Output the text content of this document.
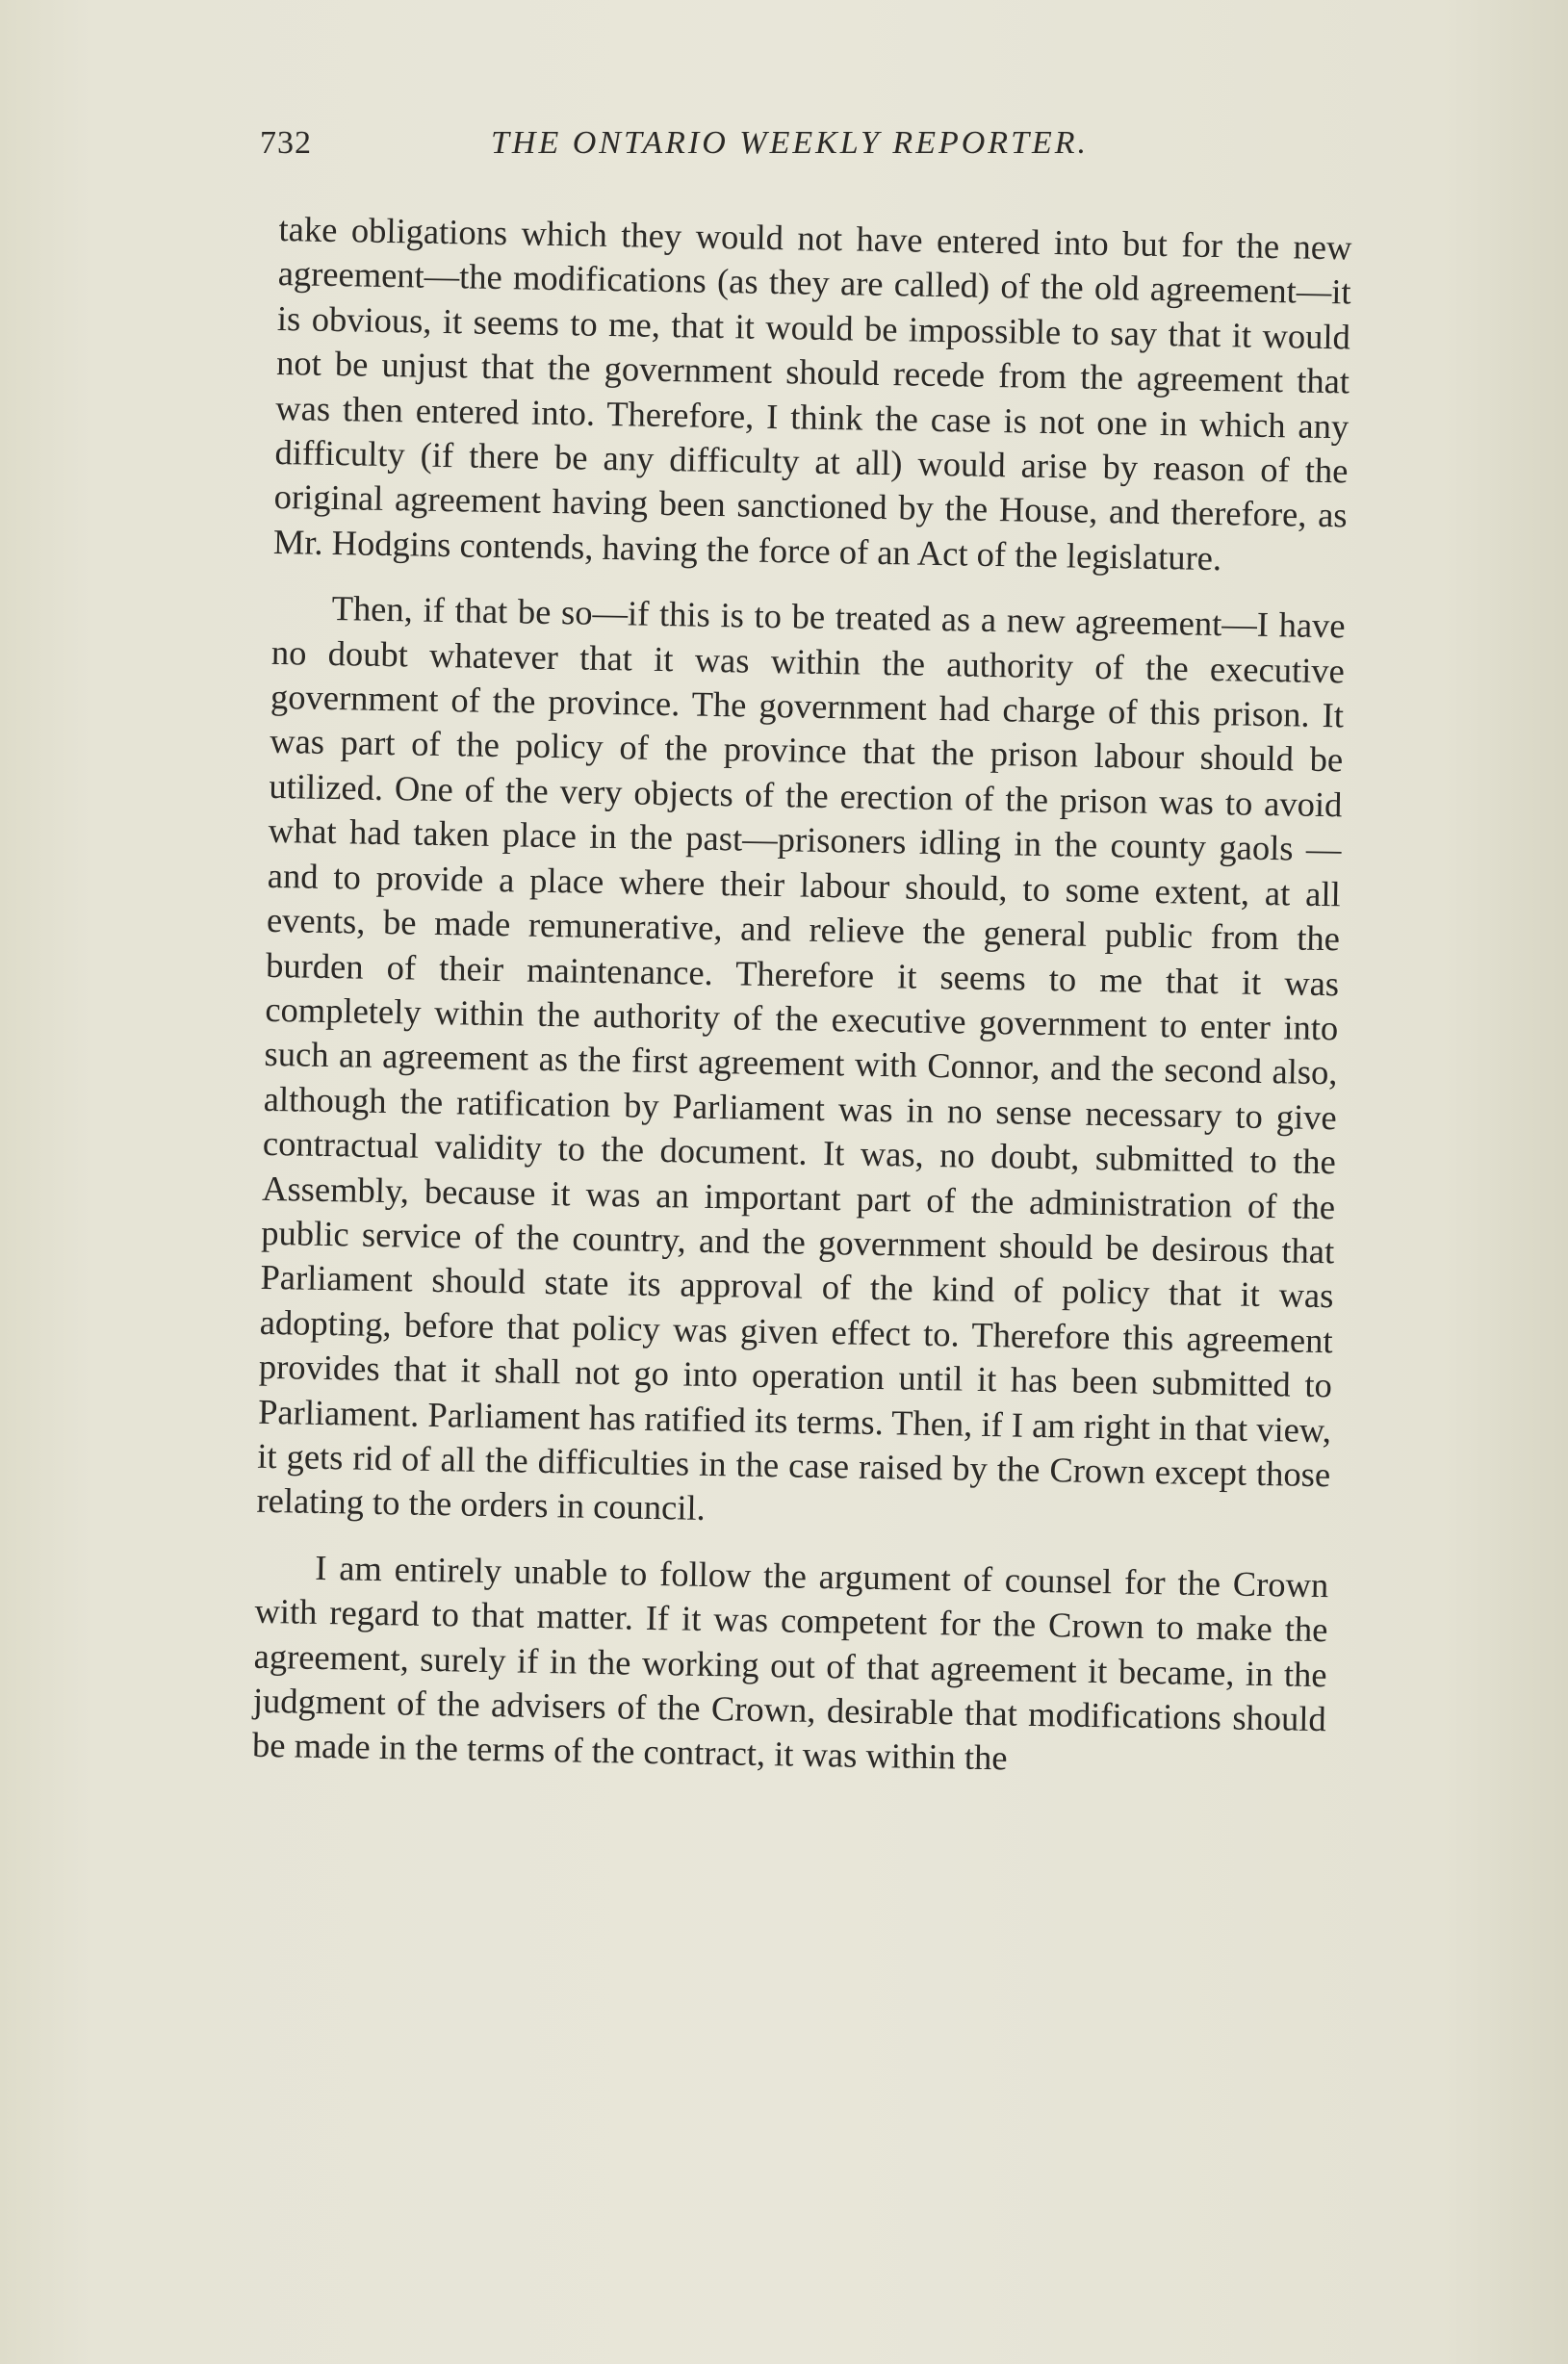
732	THE ONTARIO WEEKLY REPORTER.

take obligations which they would not have entered into but for the new agreement—the modifications (as they are called) of the old agreement—it is obvious, it seems to me, that it would be impossible to say that it would not be unjust that the government should recede from the agreement that was then entered into. Therefore, I think the case is not one in which any difficulty (if there be any difficulty at all) would arise by reason of the original agreement having been sanctioned by the House, and therefore, as Mr. Hodgins contends, having the force of an Act of the legislature.

Then, if that be so—if this is to be treated as a new agreement—I have no doubt whatever that it was within the authority of the executive government of the province. The government had charge of this prison. It was part of the policy of the province that the prison labour should be utilized. One of the very objects of the erection of the prison was to avoid what had taken place in the past—prisoners idling in the county gaols — and to provide a place where their labour should, to some extent, at all events, be made remunerative, and relieve the general public from the burden of their maintenance. Therefore it seems to me that it was completely within the authority of the executive government to enter into such an agreement as the first agreement with Connor, and the second also, although the ratification by Parliament was in no sense necessary to give contractual validity to the document. It was, no doubt, submitted to the Assembly, because it was an important part of the administration of the public service of the country, and the government should be desirous that Parliament should state its approval of the kind of policy that it was adopting, before that policy was given effect to. Therefore this agreement provides that it shall not go into operation until it has been submitted to Parliament. Parliament has ratified its terms. Then, if I am right in that view, it gets rid of all the difficulties in the case raised by the Crown except those relating to the orders in council.

I am entirely unable to follow the argument of counsel for the Crown with regard to that matter. If it was competent for the Crown to make the agreement, surely if in the working out of that agreement it became, in the judgment of the advisers of the Crown, desirable that modifications should be made in the terms of the contract, it was within the
